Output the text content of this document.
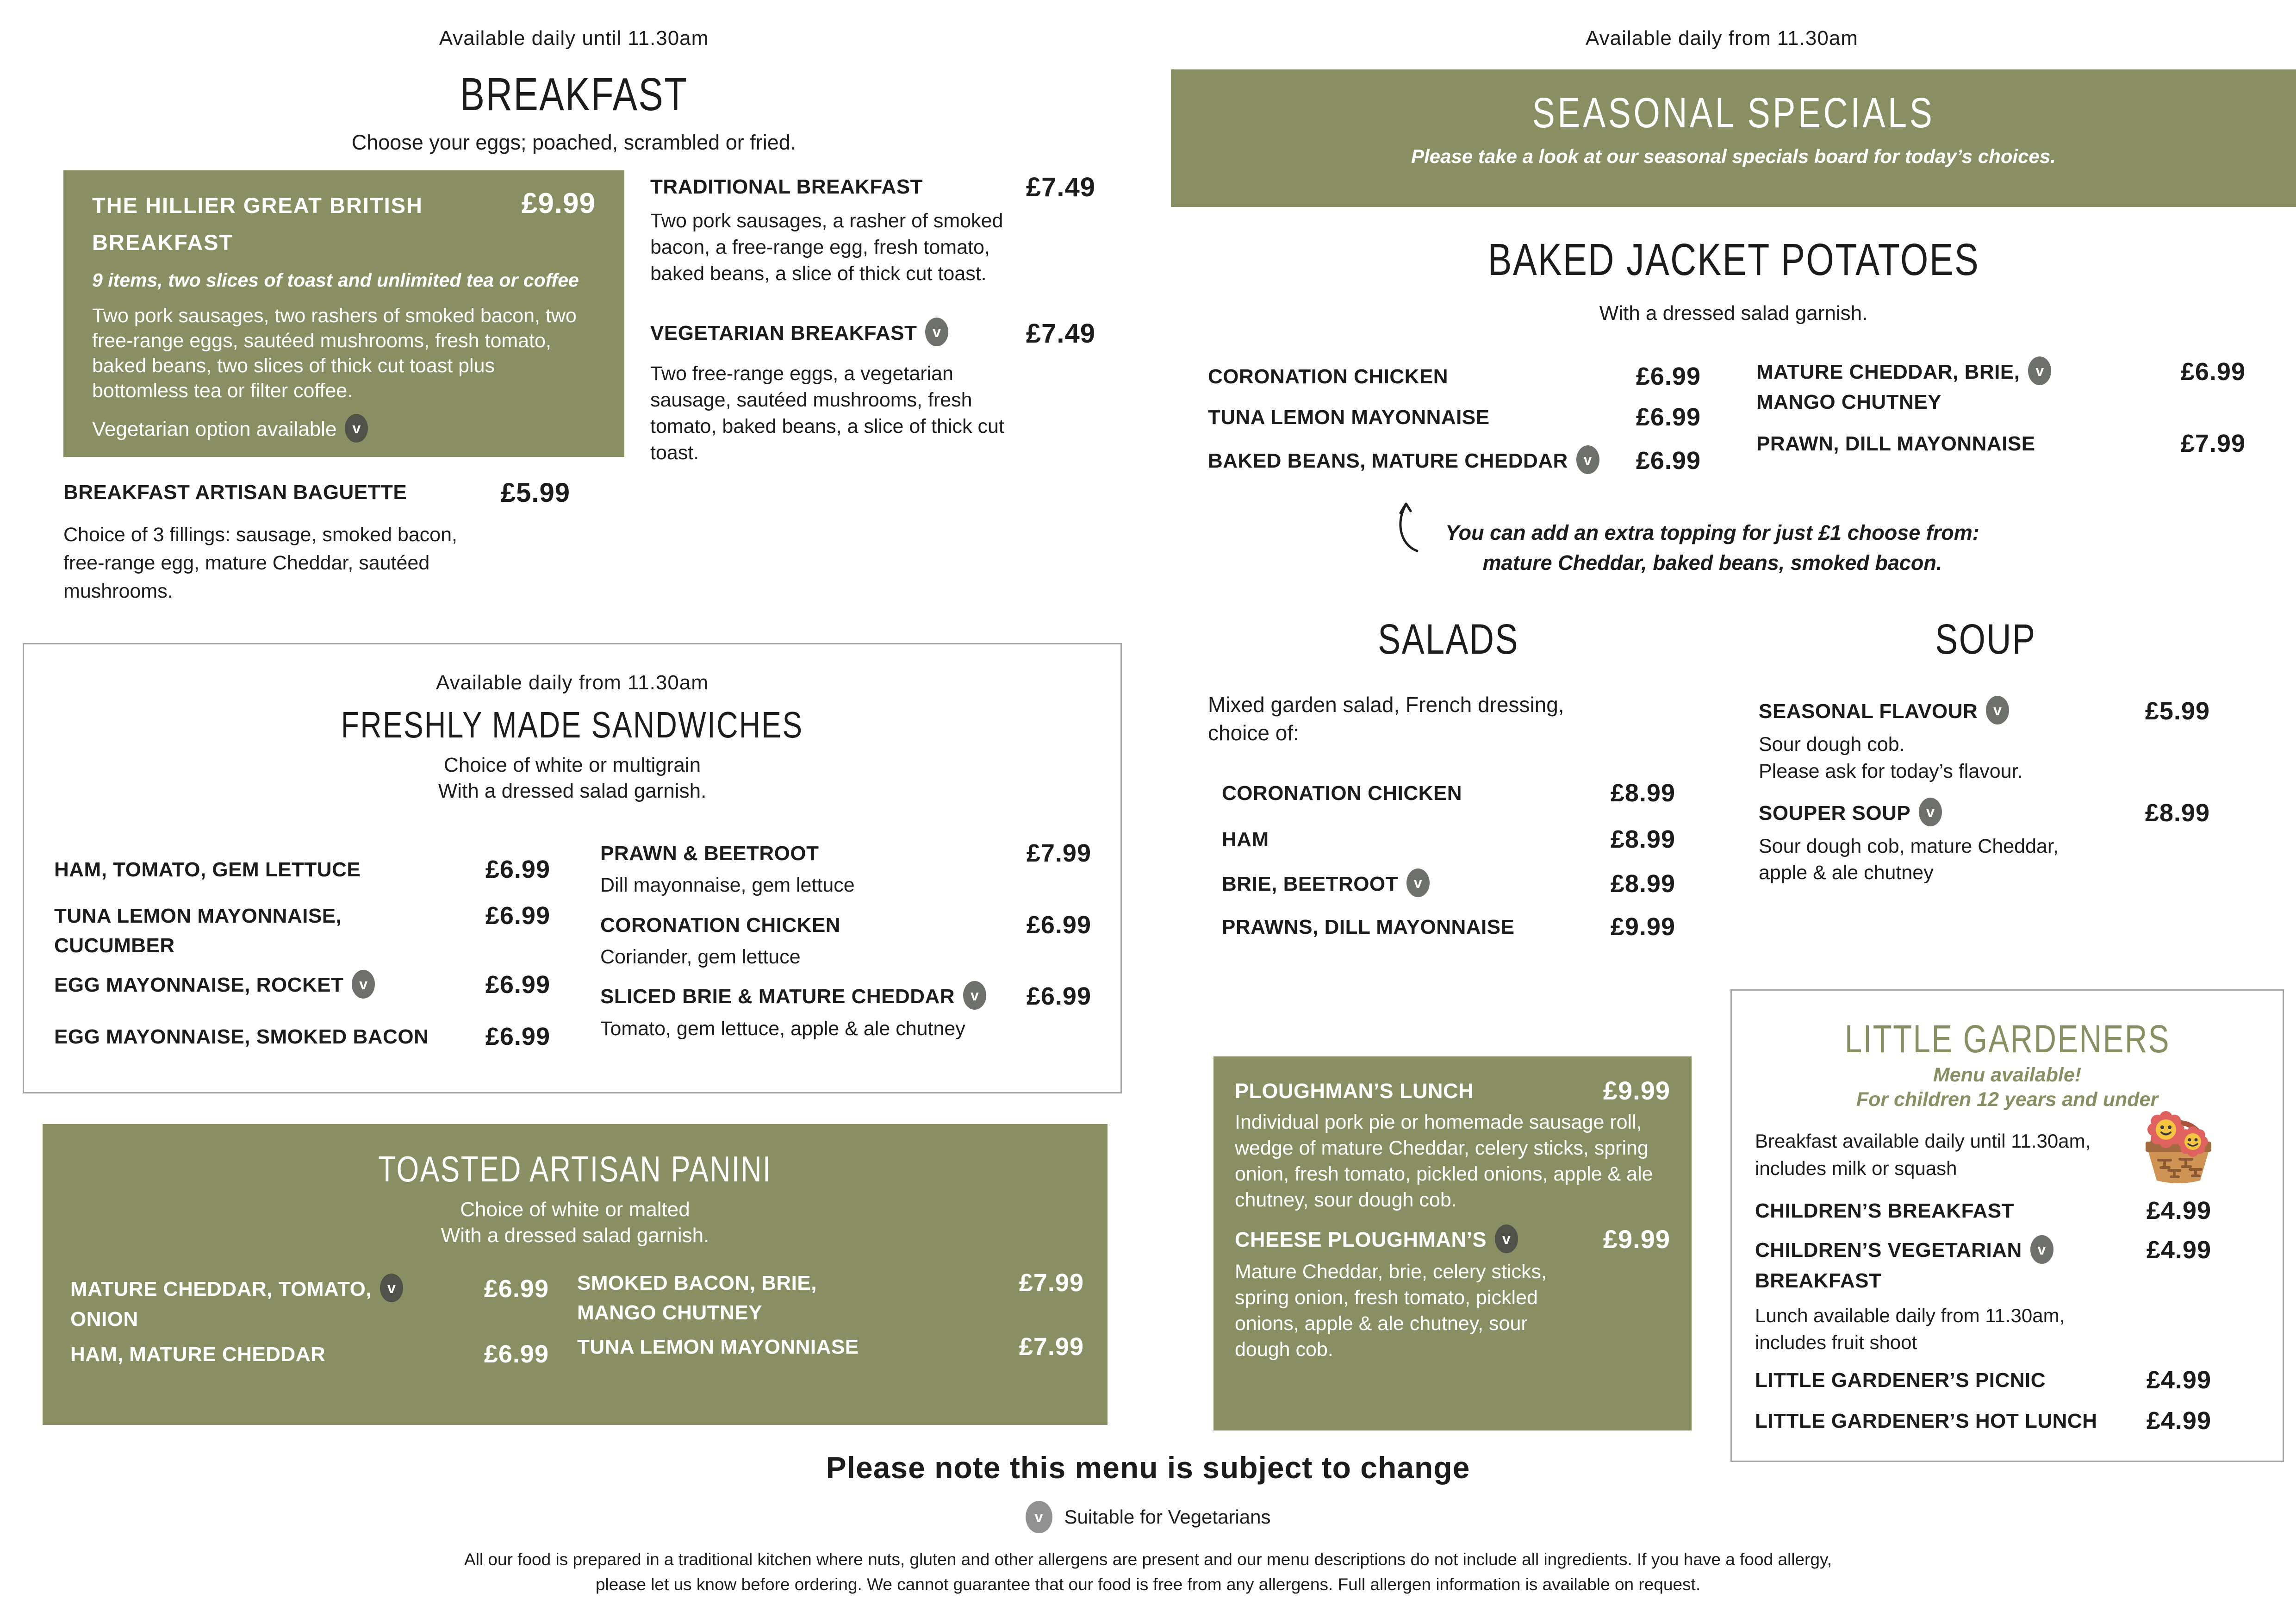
Available daily until 11.30am
BREAKFAST
Choose your eggs; poached, scrambled or fried.
THE HILLIER GREAT BRITISH
BREAKFAST
£9.99
9 items, two slices of toast and unlimited tea or coffee
Two pork sausages, two rashers of smoked bacon, two free-range eggs, sautéed mushrooms, fresh tomato, baked beans, two slices of thick cut toast plus bottomless tea or filter coffee.
Vegetarian option available v
TRADITIONAL BREAKFAST	£7.49
Two pork sausages, a rasher of smoked bacon, a free-range egg, fresh tomato, baked beans, a slice of thick cut toast.
VEGETARIAN BREAKFAST v	£7.49
Two free-range eggs, a vegetarian sausage, sautéed mushrooms, fresh tomato, baked beans, a slice of thick cut toast.
BREAKFAST ARTISAN BAGUETTE	£5.99
Choice of 3 fillings: sausage, smoked bacon, free-range egg, mature Cheddar, sautéed mushrooms.
Available daily from 11.30am
FRESHLY MADE SANDWICHES
Choice of white or multigrain
With a dressed salad garnish.
HAM, TOMATO, GEM LETTUCE	£6.99
TUNA LEMON MAYONNAISE,
CUCUMBER
£6.99
EGG MAYONNAISE, ROCKET v	£6.99
EGG MAYONNAISE, SMOKED BACON £6.99
PRAWN & BEETROOT	£7.99
Dill mayonnaise, gem lettuce
CORONATION CHICKEN	£6.99
Coriander, gem lettuce
SLICED BRIE & MATURE CHEDDAR v £6.99
Tomato, gem lettuce, apple & ale chutney
TOASTED ARTISAN PANINI
Choice of white or malted
With a dressed salad garnish.
MATURE CHEDDAR, TOMATO, v
ONION
£6.99
HAM, MATURE CHEDDAR	£6.99
SMOKED BACON, BRIE,
MANGO CHUTNEY
£7.99
TUNA LEMON MAYONNIASE	£7.99
Available daily from 11.30am
SEASONAL SPECIALS
Please take a look at our seasonal specials board for today’s choices.
BAKED JACKET POTATOES
With a dressed salad garnish.
CORONATION CHICKEN	£6.99
TUNA LEMON MAYONNAISE	£6.99
BAKED BEANS, MATURE CHEDDAR v £6.99
MATURE CHEDDAR, BRIE, v
MANGO CHUTNEY
£6.99
PRAWN, DILL MAYONNAISE	£7.99
You can add an extra topping for just £1 choose from:
mature Cheddar, baked beans, smoked bacon.
SALADS
Mixed garden salad, French dressing, choice of:
CORONATION CHICKEN	£8.99
HAM	£8.99
BRIE, BEETROOT v	£8.99
PRAWNS, DILL MAYONNAISE	£9.99
SOUP
SEASONAL FLAVOUR v	£5.99
Sour dough cob.
Please ask for today’s flavour.
SOUPER SOUP v	£8.99
Sour dough cob, mature Cheddar,
apple & ale chutney
PLOUGHMAN’S LUNCH	£9.99
Individual pork pie or homemade sausage roll, wedge of mature Cheddar, celery sticks, spring onion, fresh tomato, pickled onions, apple & ale chutney, sour dough cob.
CHEESE PLOUGHMAN’S v	£9.99
Mature Cheddar, brie, celery sticks, spring onion, fresh tomato, pickled onions, apple & ale chutney, sour dough cob.
LITTLE GARDENERS
Menu available!
For children 12 years and under
Breakfast available daily until 11.30am,
includes milk or squash
CHILDREN’S BREAKFAST	£4.99
CHILDREN’S VEGETARIAN v
BREAKFAST
£4.99
Lunch available daily from 11.30am,
includes fruit shoot
LITTLE GARDENER’S PICNIC	£4.99
LITTLE GARDENER’S HOT LUNCH £4.99
Please note this menu is subject to change
v	Suitable for Vegetarians
All our food is prepared in a traditional kitchen where nuts, gluten and other allergens are present and our menu descriptions do not include all ingredients. If you have a food allergy,
please let us know before ordering. We cannot guarantee that our food is free from any allergens. Full allergen information is available on request.
